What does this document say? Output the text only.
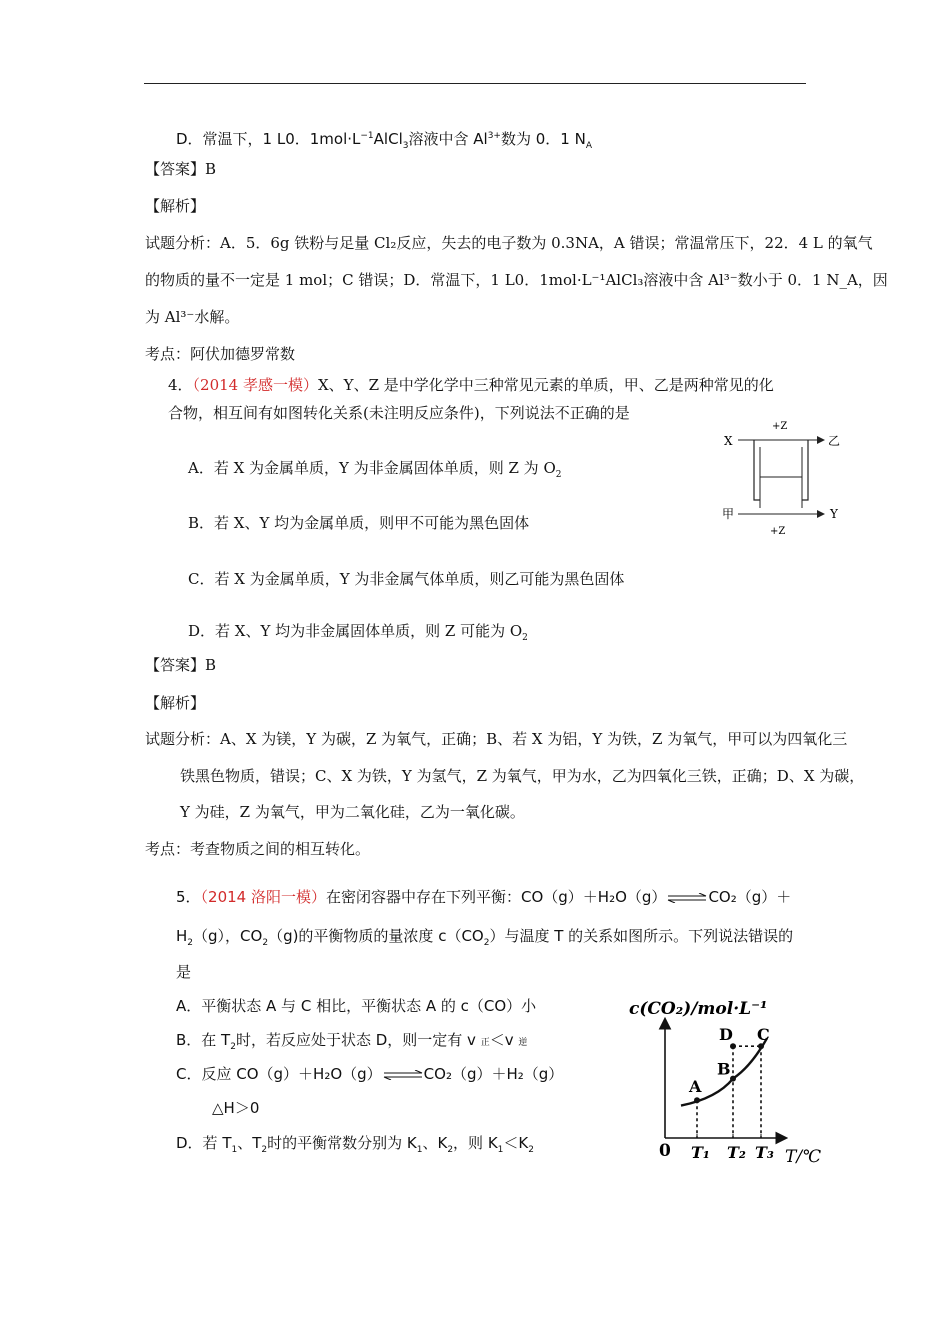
D．常温下，1 L0．$1mol\cdot L^{-1}AlCl_3$溶液中含 $Al^{3+}$数为 0．1 $N_A$
【答案】B
【解析】
试题分析：A．5．6g 铁粉与足量 Cl₂反应，失去的电子数为 0.3NA，A 错误；常温常压下，22．4 L 的氧气
的物质的量不一定是 1 mol；C 错误；D．常温下，1 L0．1mol·L⁻¹AlCl₃溶液中含 Al³⁻数小于 0．1 N_A，因
为 Al³⁻水解。
考点：阿伏加德罗常数
4．（2014 孝感一模）X、Y、Z 是中学化学中三种常见元素的单质，甲、乙是两种常见的化
合物，相互间有如图转化关系(未注明反应条件)，下列说法不正确的是
A．若 X 为金属单质，Y 为非金属固体单质，则 Z 为 $O_2$
B．若 X、Y 均为金属单质，则甲不可能为黑色固体
C．若 X 为金属单质，Y 为非金属气体单质，则乙可能为黑色固体
D．若 X、Y 均为非金属固体单质，则 Z 可能为 $O_2$
X	乙
甲	Y
+Z
+Z
【答案】B
【解析】
试题分析：A、X 为镁，Y 为碳，Z 为氧气，正确；B、若 X 为铝，Y 为铁，Z 为氧气，甲可以为四氧化三
铁黑色物质，错误；C、X 为铁，Y 为氢气，Z 为氧气，甲为水，乙为四氧化三铁，正确；D、X 为碳，
Y 为硅，Z 为氧气，甲为二氧化硅，乙为一氧化碳。
考点：考查物质之间的相互转化。
5．（2014 洛阳一模）在密闭容器中存在下列平衡：CO（g）＋H₂O（g）⇌CO₂（g）＋
$H_2(g)$，$CO_2(g)$的平衡物质的量浓度 $c(CO_2)$与温度 T 的关系如图所示。下列说法错误的
是
A．平衡状态 A 与 C 相比，平衡状态 A 的 c（CO）小
B．在 $T_2$时，若反应处于状态 D，则一定有 v 正＜v 逆
C．反应 CO（g）＋H₂O（g）⇌CO₂（g）＋H₂（g）
△H＞0
D．若 $T_1$、$T_2$时的平衡常数分别为 $K_1$、$K_2$，则 $K_1<K_2$
c(CO₂)/mol·L⁻¹
0	T/℃
T₁ T₂ T₃
A
B
C
D
